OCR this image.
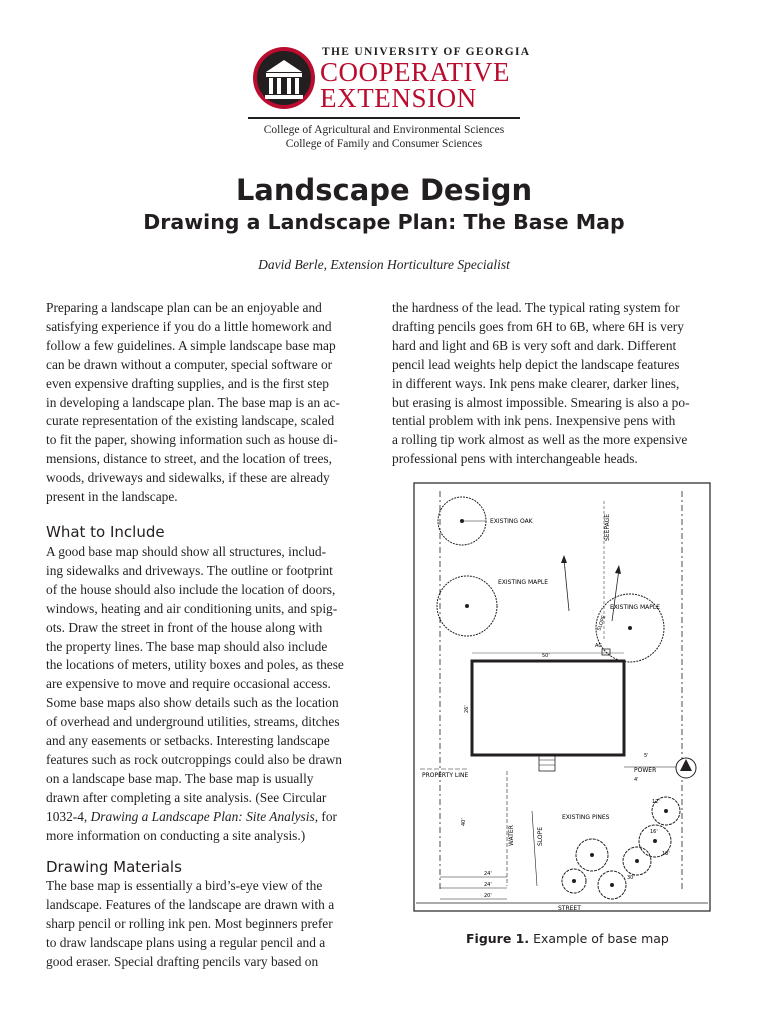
THE UNIVERSITY OF GEORGIA
COOPERATIVE
EXTENSION
College of Agricultural and Environmental Sciences
College of Family and Consumer Sciences
Landscape Design
Drawing a Landscape Plan: The Base Map
David Berle, Extension Horticulture Specialist
Preparing a landscape plan can be an enjoyable and
satisfying experience if you do a little homework and
follow a few guidelines. A simple landscape base map
can be drawn without a computer, special software or
even expensive drafting supplies, and is the first step
in developing a landscape plan. The base map is an ac-
curate representation of the existing landscape, scaled
to fit the paper, showing information such as house di-
mensions, distance to street, and the location of trees,
woods, driveways and sidewalks, if these are already
present in the landscape.
What to Include
A good base map should show all structures, includ-
ing sidewalks and driveways. The outline or footprint
of the house should also include the location of doors,
windows, heating and air conditioning units, and spig-
ots. Draw the street in front of the house along with
the property lines. The base map should also include
the locations of meters, utility boxes and poles, as these
are expensive to move and require occasional access.
Some base maps also show details such as the location
of overhead and underground utilities, streams, ditches
and any easements or setbacks. Interesting landscape
features such as rock outcroppings could also be drawn
on a landscape base map. The base map is usually
drawn after completing a site analysis. (See Circular
1032-4, Drawing a Landscape Plan: Site Analysis, for
more information on conducting a site analysis.)
Drawing Materials
The base map is essentially a bird’s-eye view of the
landscape. Features of the landscape are drawn with a
sharp pencil or rolling ink pen. Most beginners prefer
to draw landscape plans using a regular pencil and a
good eraser. Special drafting pencils vary based on
the hardness of the lead. The typical rating system for
drafting pencils goes from 6H to 6B, where 6H is very
hard and light and 6B is very soft and dark. Different
pencil lead weights help depict the landscape features
in different ways. Ink pens make clearer, darker lines,
but erasing is almost impossible. Smearing is also a po-
tential problem with ink pens. Inexpensive pens with
a rolling tip work almost as well as the more expensive
professional pens with interchangeable heads.
EXISTING OAK
EXISTING MAPLE
SEEPAGE
EXISTING MAPLE
AC
50'
26'
PROPERTY LINE
POWER
5'
40'
WATER	SLOPE
SLOPE
EXISTING PINES
12'
16'
18'
4'
30'
24'
24'
20'
STREET
Figure 1. Example of base map
